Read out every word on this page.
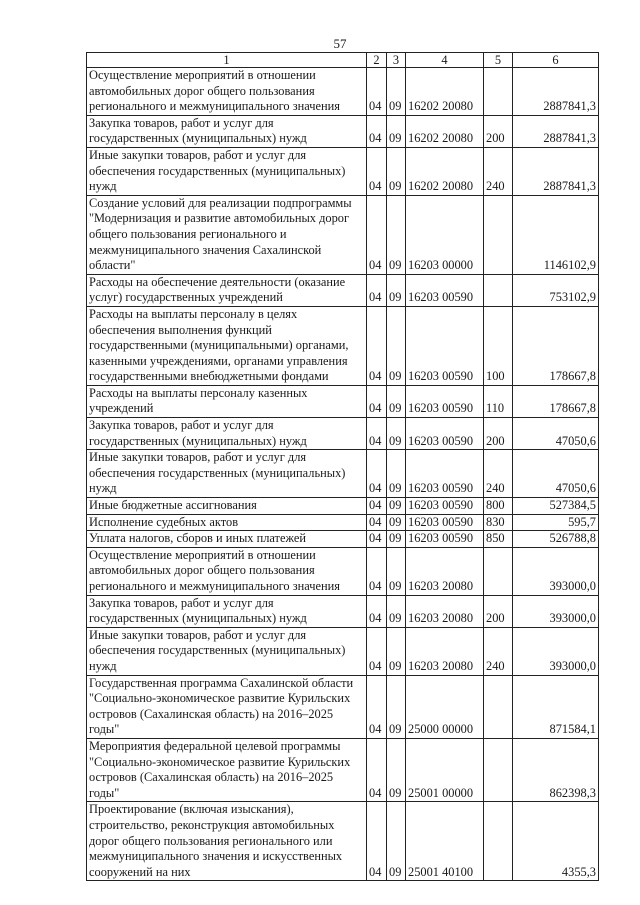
57
1	2	3	4	5	6
Осуществление мероприятий в отношении
автомобильных дорог общего пользования
регионального и межмуниципального значения	04	09	16202 20080		2887841,3
Закупка товаров, работ и услуг для
государственных (муниципальных) нужд	04	09	16202 20080	200	2887841,3
Иные закупки товаров, работ и услуг для
обеспечения государственных (муниципальных)
нужд	04	09	16202 20080	240	2887841,3
Создание условий для реализации подпрограммы
"Модернизация и развитие автомобильных дорог
общего пользования регионального и
межмуниципального значения Сахалинской
области"	04	09	16203 00000		1146102,9
Расходы на обеспечение деятельности (оказание
услуг) государственных учреждений	04	09	16203 00590		753102,9
Расходы на выплаты персоналу в целях
обеспечения выполнения функций
государственными (муниципальными) органами,
казенными учреждениями, органами управления
государственными внебюджетными фондами	04	09	16203 00590	100	178667,8
Расходы на выплаты персоналу казенных
учреждений	04	09	16203 00590	110	178667,8
Закупка товаров, работ и услуг для
государственных (муниципальных) нужд	04	09	16203 00590	200	47050,6
Иные закупки товаров, работ и услуг для
обеспечения государственных (муниципальных)
нужд	04	09	16203 00590	240	47050,6
Иные бюджетные ассигнования	04	09	16203 00590	800	527384,5
Исполнение судебных актов	04	09	16203 00590	830	595,7
Уплата налогов, сборов и иных платежей	04	09	16203 00590	850	526788,8
Осуществление мероприятий в отношении
автомобильных дорог общего пользования
регионального и межмуниципального значения	04	09	16203 20080		393000,0
Закупка товаров, работ и услуг для
государственных (муниципальных) нужд	04	09	16203 20080	200	393000,0
Иные закупки товаров, работ и услуг для
обеспечения государственных (муниципальных)
нужд	04	09	16203 20080	240	393000,0
Государственная программа Сахалинской области
"Социально-экономическое развитие Курильских
островов (Сахалинская область) на 2016–2025
годы"	04	09	25000 00000		871584,1
Мероприятия федеральной целевой программы
"Социально-экономическое развитие Курильских
островов (Сахалинская область) на 2016–2025
годы"	04	09	25001 00000		862398,3
Проектирование (включая изыскания),
строительство, реконструкция автомобильных
дорог общего пользования регионального или
межмуниципального значения и искусственных
сооружений на них	04	09	25001 40100		4355,3
